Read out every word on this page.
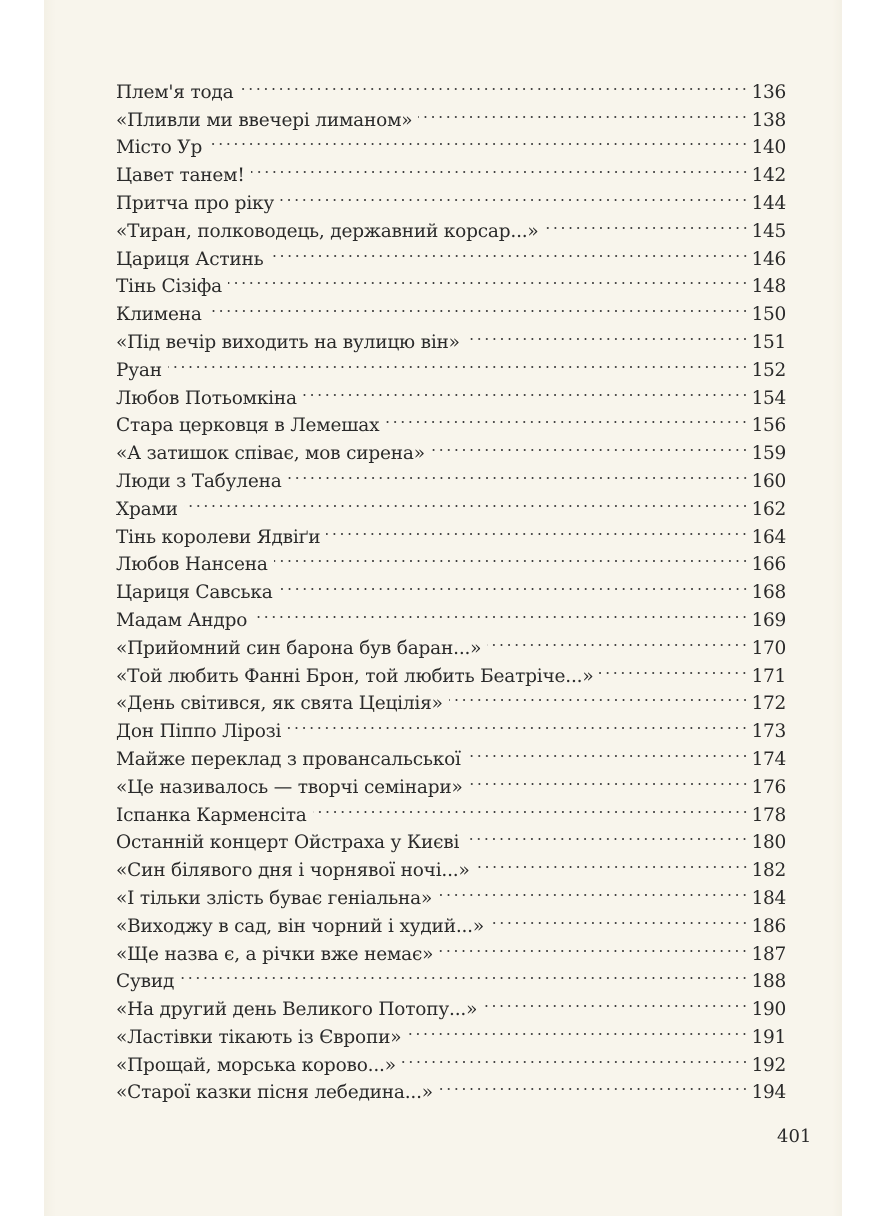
Плем'я тода	136
«Пливли ми ввечері лиманом»	138
Місто Ур	140
Цавет танем!	142
Притча про ріку	144
«Тиран, полководець, державний корсар...»	145
Цариця Астинь	146
Тінь Сізіфа	148
Климена	150
«Під вечір виходить на вулицю він»	151
Руан	152
Любов Потьомкіна	154
Стара церковця в Лемешах	156
«А затишок співає, мов сирена»	159
Люди з Табулена	160
Храми	162
Тінь королеви Ядвіґи	164
Любов Нансена	166
Цариця Савська	168
Мадам Андро	169
«Прийомний син барона був баран...»	170
«Той любить Фанні Брон, той любить Беатріче...»	171
«День світився, як свята Цецілія»	172
Дон Піппо Лірозі	173
Майже переклад з провансальської	174
«Це називалось — творчі семінари»	176
Іспанка Карменсіта	178
Останній концерт Ойстраха у Києві	180
«Син білявого дня і чорнявої ночі...»	182
«І тільки злість буває геніальна»	184
«Виходжу в сад, він чорний і худий...»	186
«Ще назва є, а річки вже немає»	187
Сувид	188
«На другий день Великого Потопу...»	190
«Ластівки тікають із Європи»	191
«Прощай, морська корово...»	192
«Старої казки пісня лебедина...»	194
401
